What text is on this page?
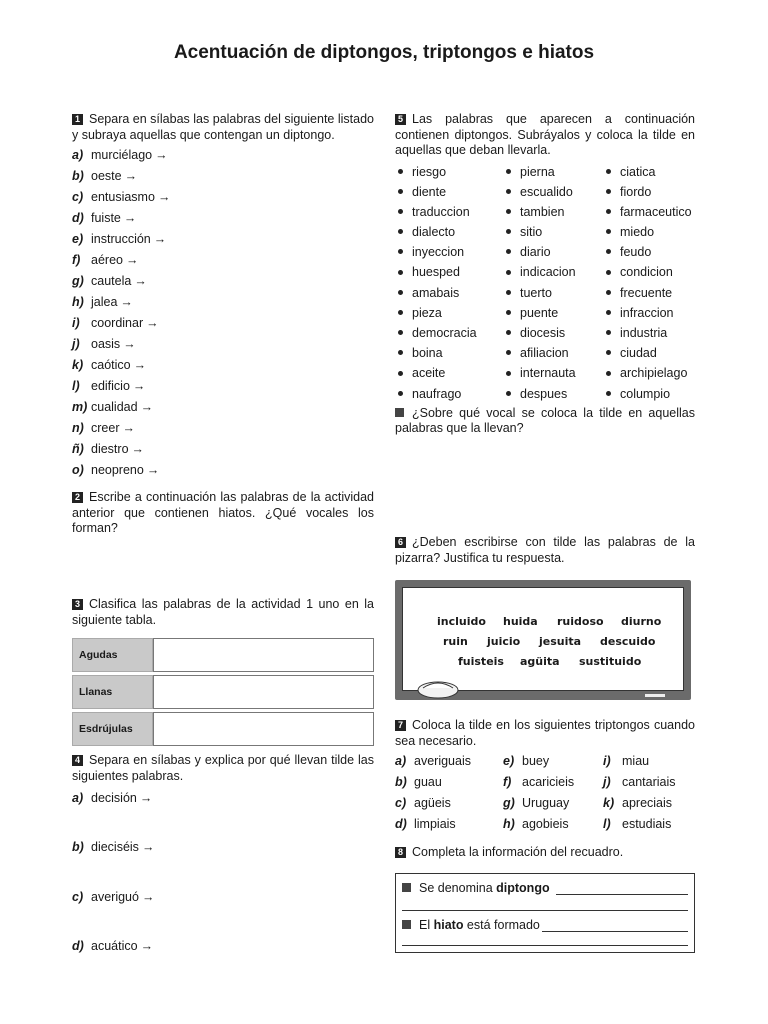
Acentuación de diptongos, triptongos e hiatos
1 Separa en sílabas las palabras del siguiente listado y subraya aquellas que contengan un diptongo.
a) murciélago →
b) oeste →
c) entusiasmo →
d) fuiste →
e) instrucción →
f) aéreo →
g) cautela →
h) jalea →
i) coordinar →
j) oasis →
k) caótico →
l) edificio →
m) cualidad →
n) creer →
ñ) diestro →
o) neopreno →
2 Escribe a continuación las palabras de la actividad anterior que contienen hiatos. ¿Qué vocales los forman?
3 Clasifica las palabras de la actividad 1 uno en la siguiente tabla.
Agudas	
Llanas	
Esdrújulas	
4 Separa en sílabas y explica por qué llevan tilde las siguientes palabras.
a) decisión →
b) dieciséis →
c) averiguó →
d) acuático →
5 Las palabras que aparecen a continuación contienen diptongos. Subráyalos y coloca la tilde en aquellas que deban llevarla.
riesgo	pierna	ciatica
diente	escualido	fiordo
traduccion	tambien	farmaceutico
dialecto	sitio	miedo
inyeccion	diario	feudo
huesped	indicacion	condicion
amabais	tuerto	frecuente
pieza	puente	infraccion
democracia	diocesis	industria
boina	afiliacion	ciudad
aceite	internauta	archipielago
naufrago	despues	columpio
¿Sobre qué vocal se coloca la tilde en aquellas palabras que la llevan?
6 ¿Deben escribirse con tilde las palabras de la pizarra? Justifica tu respuesta.
incluido huida ruidoso diurno
ruin juicio jesuita descuido
fuisteis agüita sustituido
7 Coloca la tilde en los siguientes triptongos cuando sea necesario.
a) averiguais	e) buey	i) miau
b) guau	f) acaricieis	j) cantariais
c) agüeis	g) Uruguay	k) apreciais
d) limpiais	h) agobieis	l) estudiais
8 Completa la información del recuadro.
Se denomina diptongo
El hiato está formado
